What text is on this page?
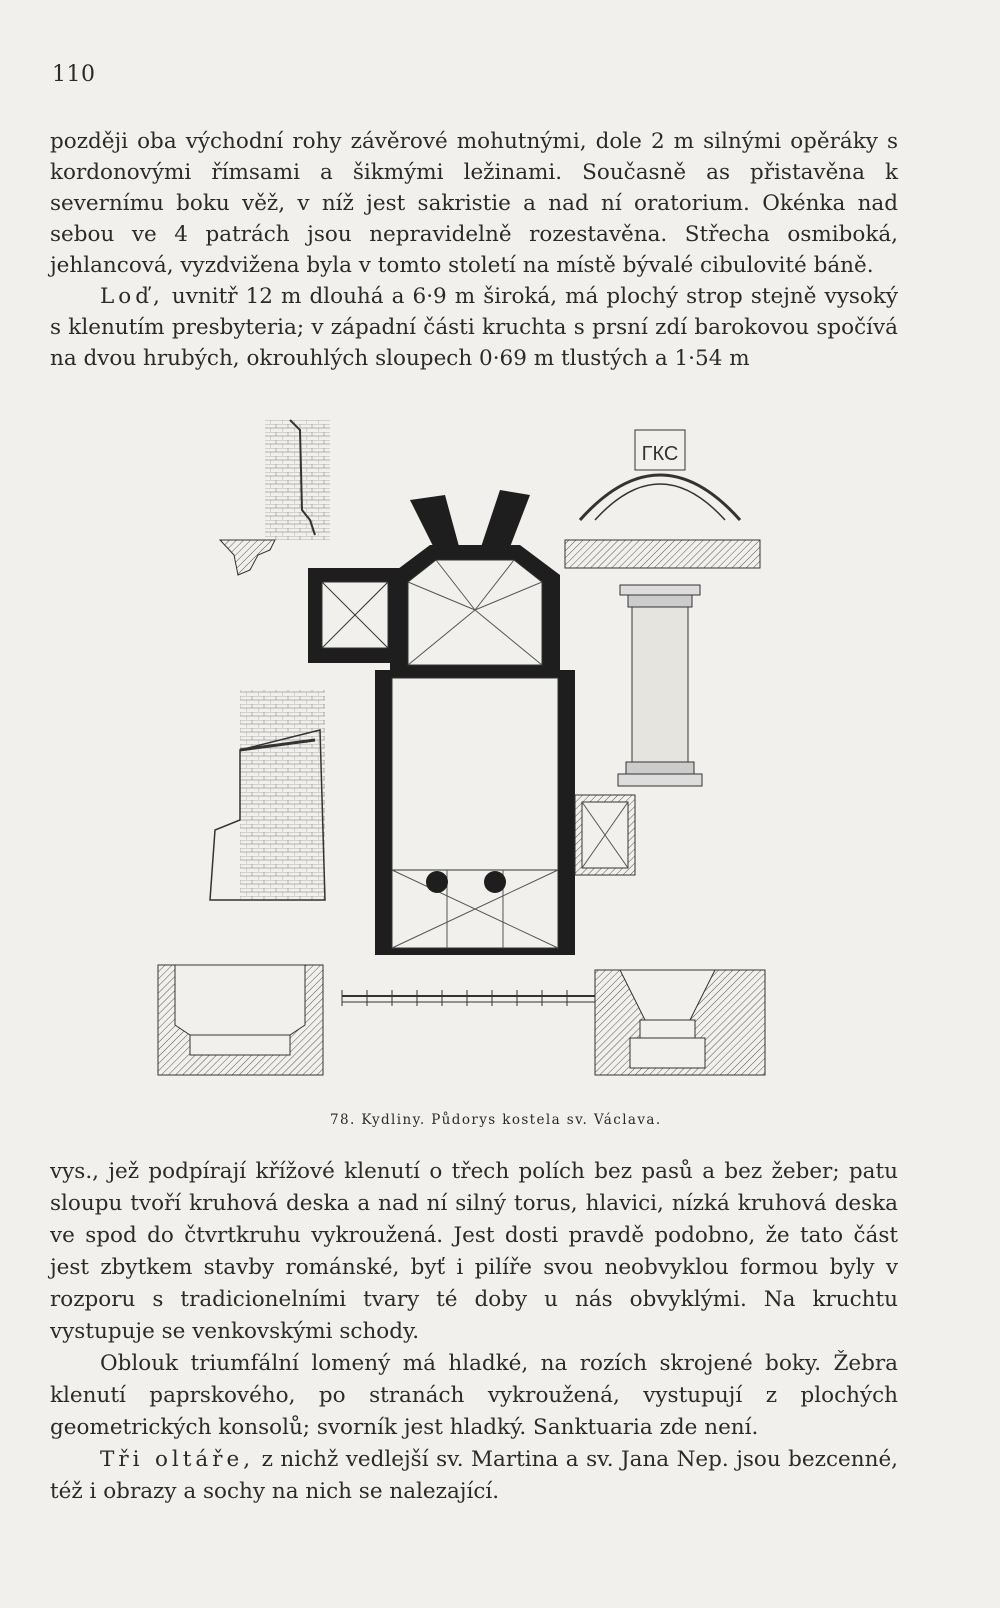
110

později oba východní rohy závěrové mohutnými, dole 2 m silnými opěráky s kordonovými římsami a šikmými ležinami. Současně as přistavěna k severnímu boku věž, v níž jest sakristie a nad ní oratorium. Okénka nad sebou ve 4 patrách jsou nepravidelně rozestavěna. Střecha osmiboká, jehlancová, vyzdvižena byla v tomto století na místě bývalé cibulovité báně.

Loď, uvnitř 12 m dlouhá a 6·9 m široká, má plochý strop stejně vysoký s klenutím presbyteria; v západní části kruchta s prsní zdí barokovou spočívá na dvou hrubých, okrouhlých sloupech 0·69 m tlustých a 1·54 m

ГКС
78. Kydliny. Půdorys kostela sv. Václava.

vys., jež podpírají křížové klenutí o třech polích bez pasů a bez žeber; patu sloupu tvoří kruhová deska a nad ní silný torus, hlavici, nízká kruhová deska ve spod do čtvrtkruhu vykroužená. Jest dosti pravdě podobno, že tato část jest zbytkem stavby románské, byť i pilíře svou neobvyklou formou byly v rozporu s tradicionelními tvary té doby u nás obvyklými. Na kruchtu vystupuje se venkovskými schody.

Oblouk triumfální lomený má hladké, na rozích skrojené boky. Žebra klenutí paprskového, po stranách vykroužená, vystupují z plochých geometrických konsolů; svorník jest hladký. Sanktuaria zde není.

Tři oltáře, z nichž vedlejší sv. Martina a sv. Jana Nep. jsou bezcenné, též i obrazy a sochy na nich se nalezající.
